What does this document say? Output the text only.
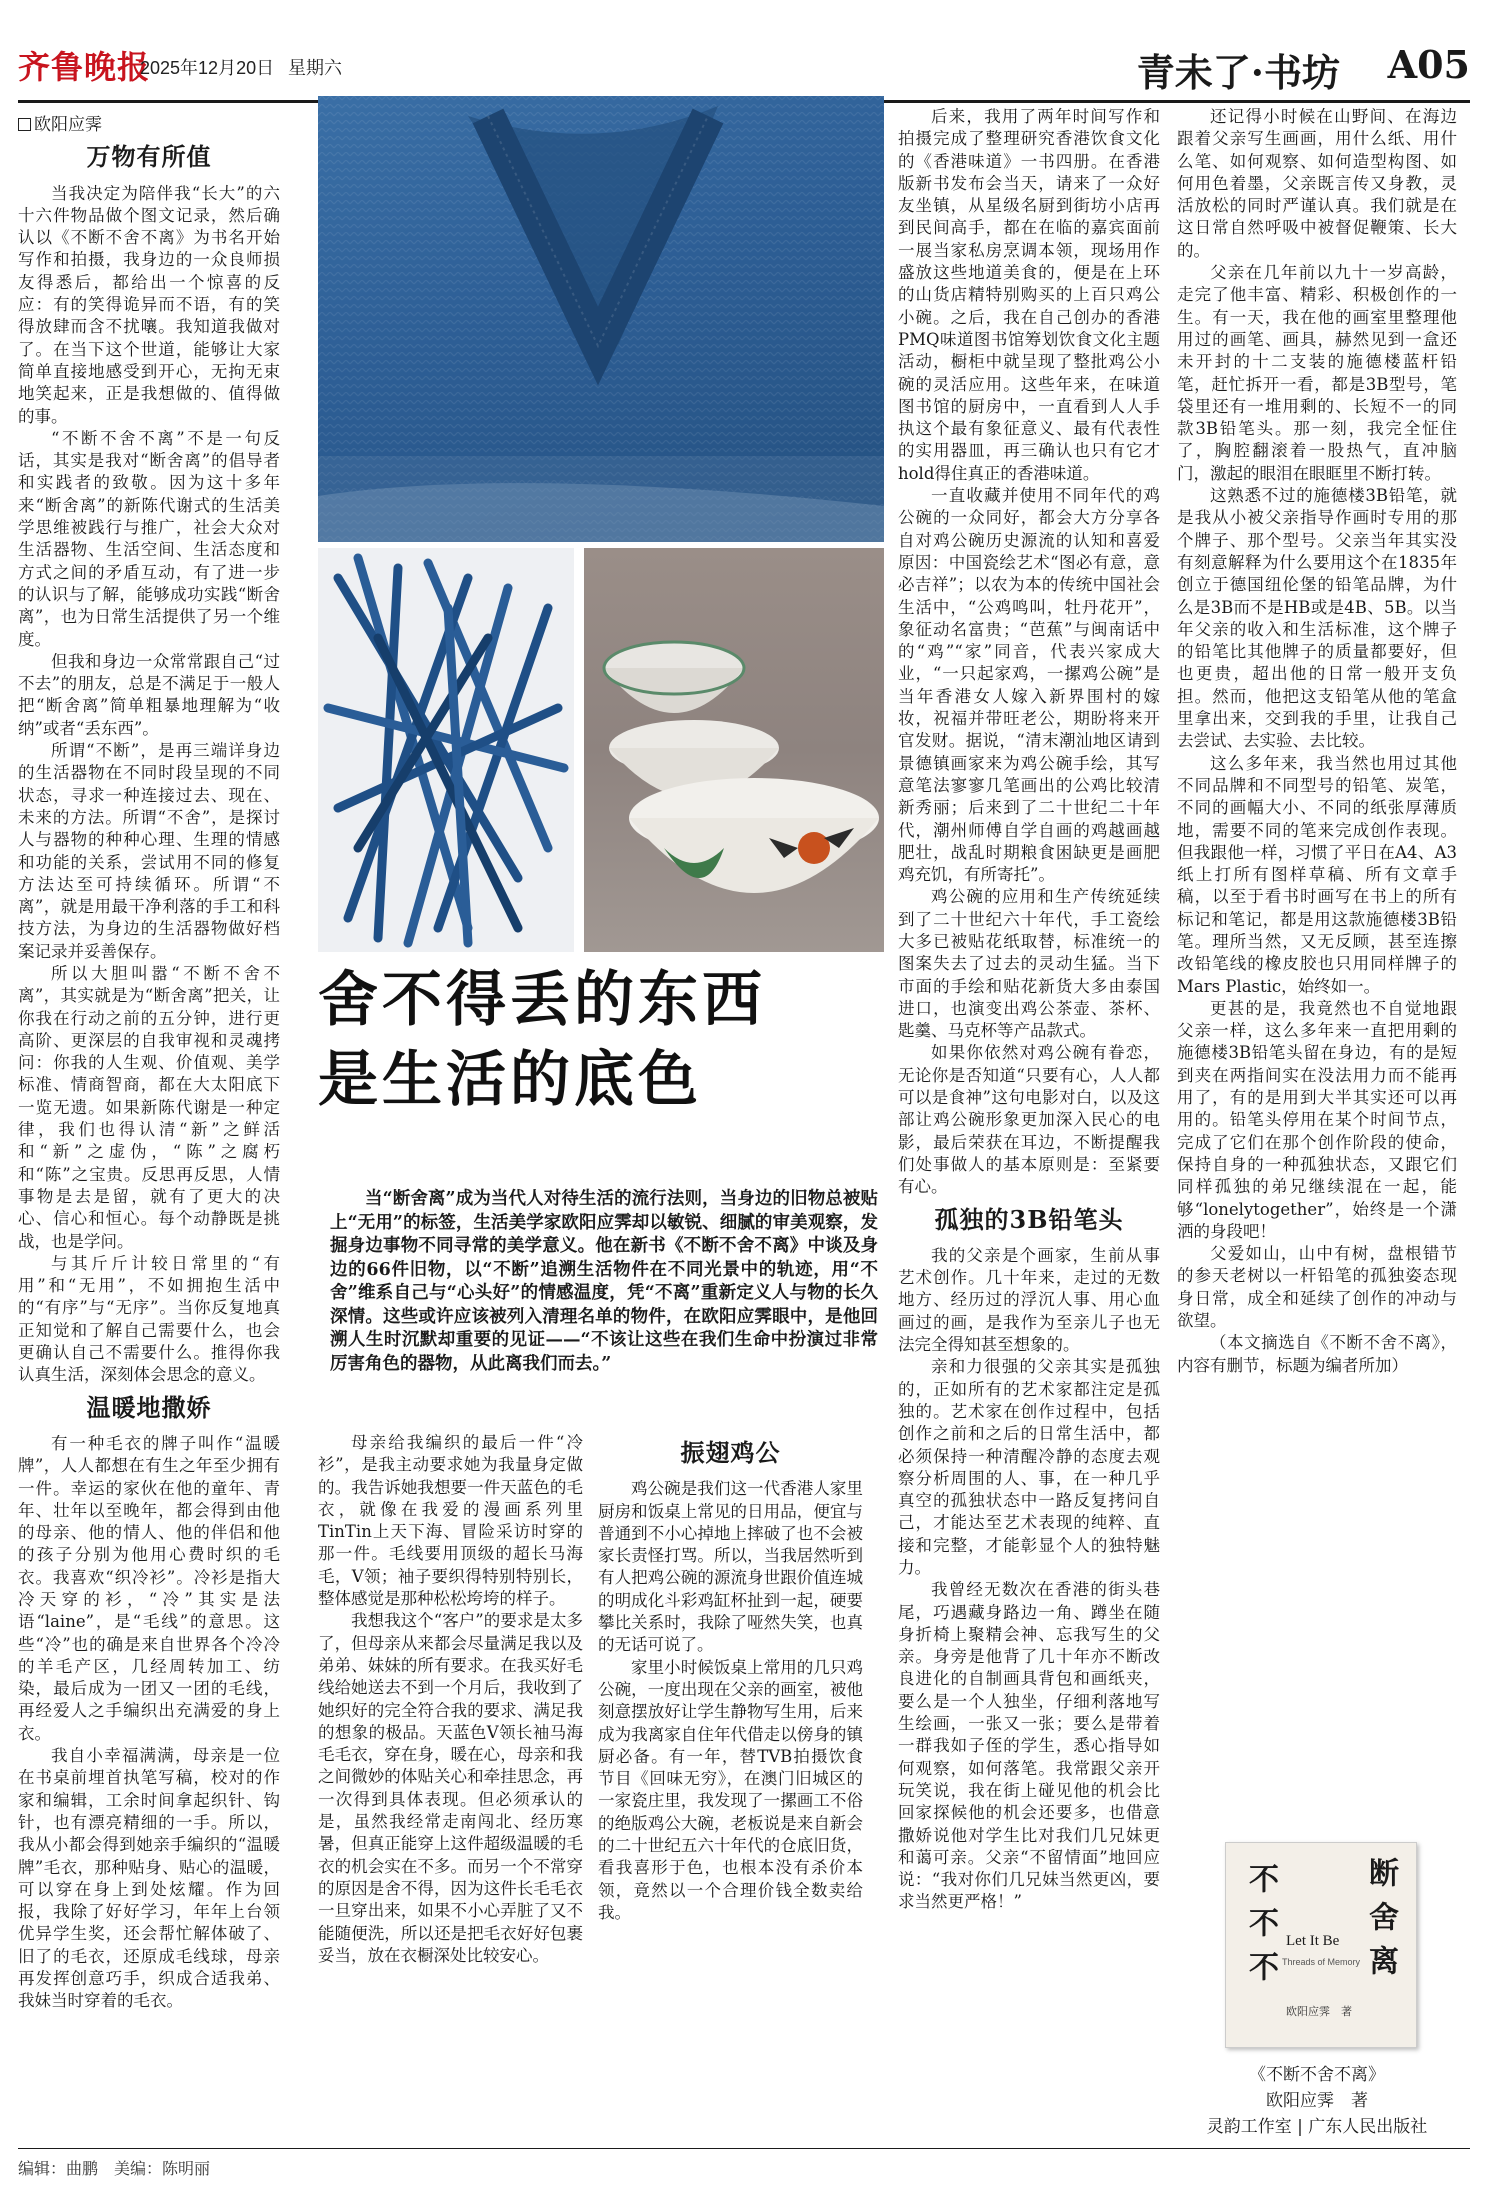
齐鲁晚报
2025年12月20日 星期六	青未了·书坊 A05
欧阳应霁
万物有所值

当我决定为陪伴我“长大”的六十六件物品做个图文记录，然后确认以《不断不舍不离》为书名开始写作和拍摄，我身边的一众良师损友得悉后，都给出一个惊喜的反应：有的笑得诡异而不语，有的笑得放肆而含不扰嚷。我知道我做对了。在当下这个世道，能够让大家简单直接地感受到开心，无拘无束地笑起来，正是我想做的、值得做的事。

“不断不舍不离”不是一句反话，其实是我对“断舍离”的倡导者和实践者的致敬。因为这十多年来“断舍离”的新陈代谢式的生活美学思维被践行与推广，社会大众对生活器物、生活空间、生活态度和方式之间的矛盾互动，有了进一步的认识与了解，能够成功实践“断舍离”，也为日常生活提供了另一个维度。

但我和身边一众常常跟自己“过不去”的朋友，总是不满足于一般人把“断舍离”简单粗暴地理解为“收纳”或者“丢东西”。

所谓“不断”，是再三端详身边的生活器物在不同时段呈现的不同状态，寻求一种连接过去、现在、未来的方法。所谓“不舍”，是探讨人与器物的种种心理、生理的情感和功能的关系，尝试用不同的修复方法达至可持续循环。所谓“不离”，就是用最干净利落的手工和科技方法，为身边的生活器物做好档案记录并妥善保存。

所以大胆叫嚣“不断不舍不离”，其实就是为“断舍离”把关，让你我在行动之前的五分钟，进行更高阶、更深层的自我审视和灵魂拷问：你我的人生观、价值观、美学标准、情商智商，都在大太阳底下一览无遗。如果新陈代谢是一种定律，我们也得认清“新”之鲜活和“新”之虚伪，“陈”之腐朽和“陈”之宝贵。反思再反思，人情事物是去是留，就有了更大的决心、信心和恒心。每个动静既是挑战，也是学问。

与其斤斤计较日常里的“有用”和“无用”，不如拥抱生活中的“有序”与“无序”。当你反复地真正知觉和了解自己需要什么，也会更确认自己不需要什么。推得你我认真生活，深刻体会思念的意义。

温暖地撒娇

有一种毛衣的牌子叫作“温暖牌”，人人都想在有生之年至少拥有一件。幸运的家伙在他的童年、青年、壮年以至晚年，都会得到由他的母亲、他的情人、他的伴侣和他的孩子分别为他用心费时织的毛衣。我喜欢“织冷衫”。冷衫是指大冷天穿的衫，“冷”其实是法语“laine”，是“毛线”的意思。这些“冷”也的确是来自世界各个冷冷的羊毛产区，几经周转加工、纺染，最后成为一团又一团的毛线，再经爱人之手编织出充满爱的身上衣。

我自小幸福满满，母亲是一位在书桌前埋首执笔写稿，校对的作家和编辑，工余时间拿起织针、钩针，也有漂亮精细的一手。所以，我从小都会得到她亲手编织的“温暖牌”毛衣，那种贴身、贴心的温暖，可以穿在身上到处炫耀。作为回报，我除了好好学习，年年上台领优异学生奖，还会帮忙解体破了、旧了的毛衣，还原成毛线球，母亲再发挥创意巧手，织成合适我弟、我妹当时穿着的毛衣。

舍不得丢的东西
是生活的底色
当“断舍离”成为当代人对待生活的流行法则，当身边的旧物总被贴上“无用”的标签，生活美学家欧阳应霁却以敏锐、细腻的审美观察，发掘身边事物不同寻常的美学意义。他在新书《不断不舍不离》中谈及身边的66件旧物，以“不断”追溯生活物件在不同光景中的轨迹，用“不舍”维系自己与“心头好”的情感温度，凭“不离”重新定义人与物的长久深情。这些或许应该被列入清理名单的物件，在欧阳应霁眼中，是他回溯人生时沉默却重要的见证——“不该让这些在我们生命中扮演过非常厉害角色的器物，从此离我们而去。”

母亲给我编织的最后一件“冷衫”，是我主动要求她为我量身定做的。我告诉她我想要一件天蓝色的毛衣，就像在我爱的漫画系列里TinTin上天下海、冒险采访时穿的那一件。毛线要用顶级的超长马海毛，V领；袖子要织得特别特别长，整体感觉是那种松松垮垮的样子。

我想我这个“客户”的要求是太多了，但母亲从来都会尽量满足我以及弟弟、妹妹的所有要求。在我买好毛线给她送去不到一个月后，我收到了她织好的完全符合我的要求、满足我的想象的极品。天蓝色V领长袖马海毛毛衣，穿在身，暖在心，母亲和我之间微妙的体贴关心和牵挂思念，再一次得到具体表现。但必须承认的是，虽然我经常走南闯北、经历寒暑，但真正能穿上这件超级温暖的毛衣的机会实在不多。而另一个不常穿的原因是舍不得，因为这件长毛毛衣一旦穿出来，如果不小心弄脏了又不能随便洗，所以还是把毛衣好好包裹妥当，放在衣橱深处比较安心。

振翅鸡公

鸡公碗是我们这一代香港人家里厨房和饭桌上常见的日用品，便宜与普通到不小心掉地上摔破了也不会被家长责怪打骂。所以，当我居然听到有人把鸡公碗的源流身世跟价值连城的明成化斗彩鸡缸杯扯到一起，硬要攀比关系时，我除了哑然失笑，也真的无话可说了。

家里小时候饭桌上常用的几只鸡公碗，一度出现在父亲的画室，被他刻意摆放好让学生静物写生用，后来成为我离家自住年代借走以傍身的镇厨必备。有一年，替TVB拍摄饮食节目《回味无穷》，在澳门旧城区的一家瓷庄里，我发现了一摞画工不俗的绝版鸡公大碗，老板说是来自新会的二十世纪五六十年代的仓底旧货，看我喜形于色，也根本没有杀价本领，竟然以一个合理价钱全数卖给我。

后来，我用了两年时间写作和拍摄完成了整理研究香港饮食文化的《香港味道》一书四册。在香港版新书发布会当天，请来了一众好友坐镇，从星级名厨到街坊小店再到民间高手，都在在临的嘉宾面前一展当家私房烹调本领，现场用作盛放这些地道美食的，便是在上环的山货店精特别购买的上百只鸡公小碗。之后，我在自己创办的香港PMQ味道图书馆筹划饮食文化主题活动，橱柜中就呈现了整批鸡公小碗的灵活应用。这些年来，在味道图书馆的厨房中，一直看到人人手执这个最有象征意义、最有代表性的实用器皿，再三确认也只有它才hold得住真正的香港味道。

一直收藏并使用不同年代的鸡公碗的一众同好，都会大方分享各自对鸡公碗历史源流的认知和喜爱原因：中国瓷绘艺术“图必有意，意必吉祥”；以农为本的传统中国社会生活中，“公鸡鸣叫，牡丹花开”，象征动名富贵；“芭蕉”与闽南话中的“鸡”“家”同音，代表兴家成大业，“一只起家鸡，一摞鸡公碗”是当年香港女人嫁入新界围村的嫁妆，祝福并带旺老公，期盼将来开官发财。据说，“清末潮汕地区请到景德镇画家来为鸡公碗手绘，其写意笔法寥寥几笔画出的公鸡比较清新秀丽；后来到了二十世纪二十年代，潮州师傅自学自画的鸡越画越肥壮，战乱时期粮食困缺更是画肥鸡充饥，有所寄托”。

鸡公碗的应用和生产传统延续到了二十世纪六十年代，手工瓷绘大多已被贴花纸取替，标准统一的图案失去了过去的灵动生猛。当下市面的手绘和贴花新货大多由泰国进口，也演变出鸡公茶壶、茶杯、匙羹、马克杯等产品款式。

如果你依然对鸡公碗有眷恋，无论你是否知道“只要有心，人人都可以是食神”这句电影对白，以及这部让鸡公碗形象更加深入民心的电影，最后荣获在耳边，不断提醒我们处事做人的基本原则是：至紧要有心。

孤独的3B铅笔头

我的父亲是个画家，生前从事艺术创作。几十年来，走过的无数地方、经历过的浮沉人事、用心血画过的画，是我作为至亲儿子也无法完全得知甚至想象的。

亲和力很强的父亲其实是孤独的，正如所有的艺术家都注定是孤独的。艺术家在创作过程中，包括创作之前和之后的日常生活中，都必须保持一种清醒冷静的态度去观察分析周围的人、事，在一种几乎真空的孤独状态中一路反复拷问自己，才能达至艺术表现的纯粹、直接和完整，才能彰显个人的独特魅力。

我曾经无数次在香港的街头巷尾，巧遇藏身路边一角、蹲坐在随身折椅上聚精会神、忘我写生的父亲。身旁是他背了几十年亦不断改良进化的自制画具背包和画纸夹，要么是一个人独坐，仔细利落地写生绘画，一张又一张；要么是带着一群我如子侄的学生，悉心指导如何观察，如何落笔。我常跟父亲开玩笑说，我在街上碰见他的机会比回家探候他的机会还要多，也借意撒娇说他对学生比对我们几兄妹更和蔼可亲。父亲“不留情面”地回应说：“我对你们几兄妹当然更凶，要求当然更严格！”

还记得小时候在山野间、在海边跟着父亲写生画画，用什么纸、用什么笔、如何观察、如何造型构图、如何用色着墨，父亲既言传又身教，灵活放松的同时严谨认真。我们就是在这日常自然呼吸中被督促鞭策、长大的。

父亲在几年前以九十一岁高龄，走完了他丰富、精彩、积极创作的一生。有一天，我在他的画室里整理他用过的画笔、画具，赫然见到一盒还未开封的十二支装的施德楼蓝杆铅笔，赶忙拆开一看，都是3B型号，笔袋里还有一堆用剩的、长短不一的同款3B铅笔头。那一刻，我完全怔住了，胸腔翻滚着一股热气，直冲脑门，激起的眼泪在眼眶里不断打转。

这熟悉不过的施德楼3B铅笔，就是我从小被父亲指导作画时专用的那个牌子、那个型号。父亲当年其实没有刻意解释为什么要用这个在1835年创立于德国纽伦堡的铅笔品牌，为什么是3B而不是HB或是4B、5B。以当年父亲的收入和生活标准，这个牌子的铅笔比其他牌子的质量都要好，但也更贵，超出他的日常一般开支负担。然而，他把这支铅笔从他的笔盒里拿出来，交到我的手里，让我自己去尝试、去实验、去比较。

这么多年来，我当然也用过其他不同品牌和不同型号的铅笔、炭笔，不同的画幅大小、不同的纸张厚薄质地，需要不同的笔来完成创作表现。但我跟他一样，习惯了平日在A4、A3纸上打所有图样草稿、所有文章手稿，以至于看书时画写在书上的所有标记和笔记，都是用这款施德楼3B铅笔。理所当然，又无反顾，甚至连擦改铅笔线的橡皮胶也只用同样牌子的Mars Plastic，始终如一。

更甚的是，我竟然也不自觉地跟父亲一样，这么多年来一直把用剩的施德楼3B铅笔头留在身边，有的是短到夹在两指间实在没法用力而不能再用了，有的是用到大半其实还可以再用的。铅笔头停用在某个时间节点，完成了它们在那个创作阶段的使命，保持自身的一种孤独状态，又跟它们同样孤独的弟兄继续混在一起，能够“lonelytogether”，始终是一个潇洒的身段吧！

父爱如山，山中有树，盘根错节的参天老树以一杆铅笔的孤独姿态现身日常，成全和延续了创作的冲动与欲望。

（本文摘选自《不断不舍不离》，内容有删节，标题为编者所加）

不不不	断舍离
Let It Be
Threads of Memory
欧阳应霁　著
《不断不舍不离》
欧阳应霁　著
灵韵工作室 | 广东人民出版社
编辑：曲鹏　美编：陈明丽
